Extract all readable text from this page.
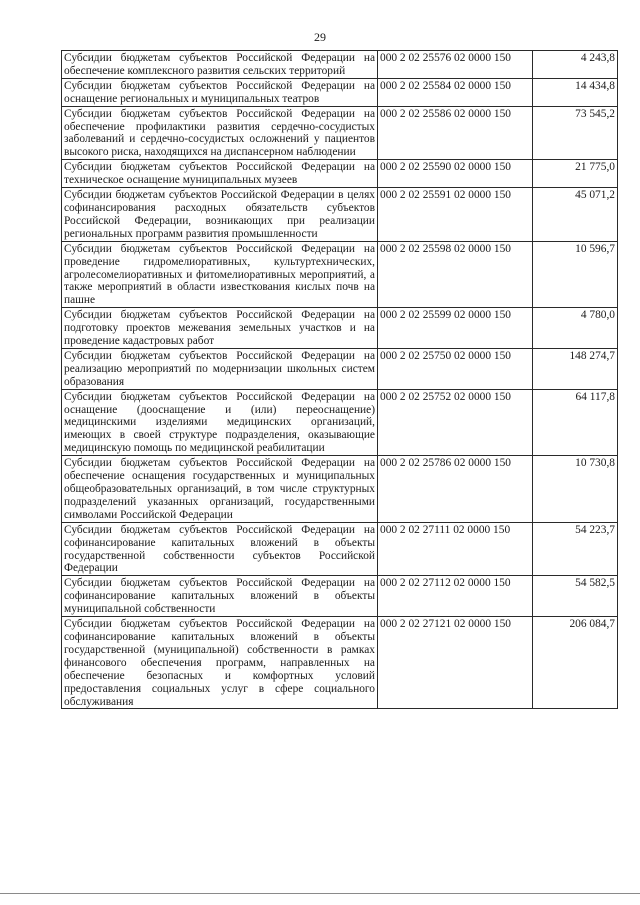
29
Субсидии бюджетам субъектов Российской Федерации на обеспечение комплексного развития сельских территорий	000 2 02 25576 02 0000 150	4 243,8
Субсидии бюджетам субъектов Российской Федерации на оснащение региональных и муниципальных театров	000 2 02 25584 02 0000 150	14 434,8
Субсидии бюджетам субъектов Российской Федерации на обеспечение профилактики развития сердечно-сосудистых заболеваний и сердечно-сосудистых осложнений у пациентов высокого риска, находящихся на диспансерном наблюдении	000 2 02 25586 02 0000 150	73 545,2
Субсидии бюджетам субъектов Российской Федерации на техническое оснащение муниципальных музеев	000 2 02 25590 02 0000 150	21 775,0
Субсидии бюджетам субъектов Российской Федерации в целях софинансирования расходных обязательств субъектов Российской Федерации, возникающих при реализации региональных программ развития промышленности	000 2 02 25591 02 0000 150	45 071,2
Субсидии бюджетам субъектов Российской Федерации на проведение гидромелиоративных, культуртехнических, агролесомелиоративных и фитомелиоративных мероприятий, а также мероприятий в области известкования кислых почв на пашне	000 2 02 25598 02 0000 150	10 596,7
Субсидии бюджетам субъектов Российской Федерации на подготовку проектов межевания земельных участков и на проведение кадастровых работ	000 2 02 25599 02 0000 150	4 780,0
Субсидии бюджетам субъектов Российской Федерации на реализацию мероприятий по модернизации школьных систем образования	000 2 02 25750 02 0000 150	148 274,7
Субсидии бюджетам субъектов Российской Федерации на оснащение (дооснащение и (или) переоснащение) медицинскими изделиями медицинских организаций, имеющих в своей структуре подразделения, оказывающие медицинскую помощь по медицинской реабилитации	000 2 02 25752 02 0000 150	64 117,8
Субсидии бюджетам субъектов Российской Федерации на обеспечение оснащения государственных и муниципальных общеобразовательных организаций, в том числе структурных подразделений указанных организаций, государственными символами Российской Федерации	000 2 02 25786 02 0000 150	10 730,8
Субсидии бюджетам субъектов Российской Федерации на софинансирование капитальных вложений в объекты государственной собственности субъектов Российской Федерации	000 2 02 27111 02 0000 150	54 223,7
Субсидии бюджетам субъектов Российской Федерации на софинансирование капитальных вложений в объекты муниципальной собственности	000 2 02 27112 02 0000 150	54 582,5
Субсидии бюджетам субъектов Российской Федерации на софинансирование капитальных вложений в объекты государственной (муниципальной) собственности в рамках финансового обеспечения программ, направленных на обеспечение безопасных и комфортных условий предоставления социальных услуг в сфере социального обслуживания	000 2 02 27121 02 0000 150	206 084,7
